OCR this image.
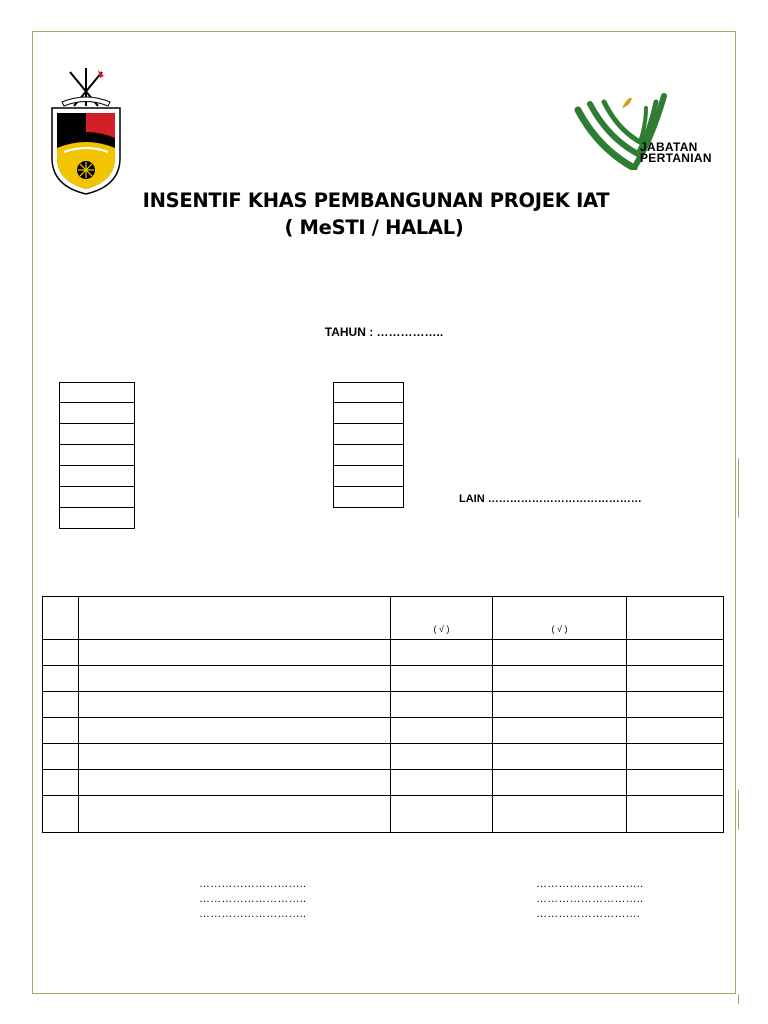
JABATAN
PERTANIAN
INSENTIF KHAS PEMBANGUNAN PROJEK IAT
( MeSTI / HALAL)
TAHUN : ……………..
LAIN ……………………………………
		( √ )	( √ )	

………………………..
………………………..
………………………..
………………………..
………………………..
……………………….
